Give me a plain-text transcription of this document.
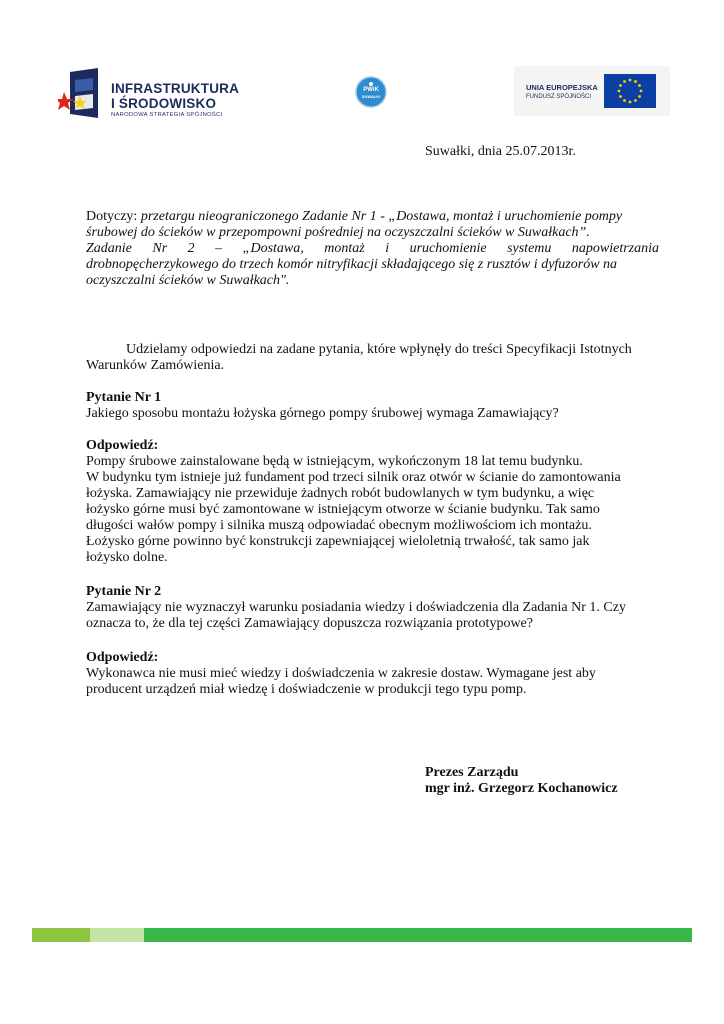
INFRASTRUKTURA
I ŚRODOWISKO
NARODOWA STRATEGIA SPÓJNOŚCI
PWiK
SUWAŁKI
UNIA EUROPEJSKA
FUNDUSZ SPÓJNOŚCI
Suwałki, dnia 25.07.2013r.
Dotyczy: przetargu nieograniczonego Zadanie Nr 1 - „Dostawa, montaż i uruchomienie pompy
śrubowej do ścieków w przepompowni pośredniej na oczyszczalni ścieków w Suwałkach”.
Zadanie Nr 2 – „Dostawa, montaż i uruchomienie systemu napowietrzania
drobnopęcherzykowego do trzech komór nitryfikacji składającego się z rusztów i dyfuzorów na
oczyszczalni ścieków w Suwałkach".
Udzielamy odpowiedzi na zadane pytania, które wpłynęły do treści Specyfikacji Istotnych
Warunków Zamówienia.
Pytanie Nr 1
Jakiego sposobu montażu łożyska górnego pompy śrubowej wymaga Zamawiający?
Odpowiedź:
Pompy śrubowe zainstalowane będą w istniejącym, wykończonym 18 lat temu budynku.
W budynku tym istnieje już fundament pod trzeci silnik oraz otwór w ścianie do zamontowania
łożyska. Zamawiający nie przewiduje żadnych robót budowlanych w tym budynku, a więc
łożysko górne musi być zamontowane w istniejącym otworze w ścianie budynku. Tak samo
długości wałów pompy i silnika muszą odpowiadać obecnym możliwościom ich montażu.
Łożysko górne powinno być konstrukcji zapewniającej wieloletnią trwałość, tak samo jak
łożysko dolne.
Pytanie Nr 2
Zamawiający nie wyznaczył warunku posiadania wiedzy i doświadczenia dla Zadania Nr 1. Czy
oznacza to, że dla tej części Zamawiający dopuszcza rozwiązania prototypowe?
Odpowiedź:
Wykonawca nie musi mieć wiedzy i doświadczenia w zakresie dostaw. Wymagane jest aby
producent urządzeń miał wiedzę i doświadczenie w produkcji tego typu pomp.
Prezes Zarządu
mgr inż. Grzegorz Kochanowicz
